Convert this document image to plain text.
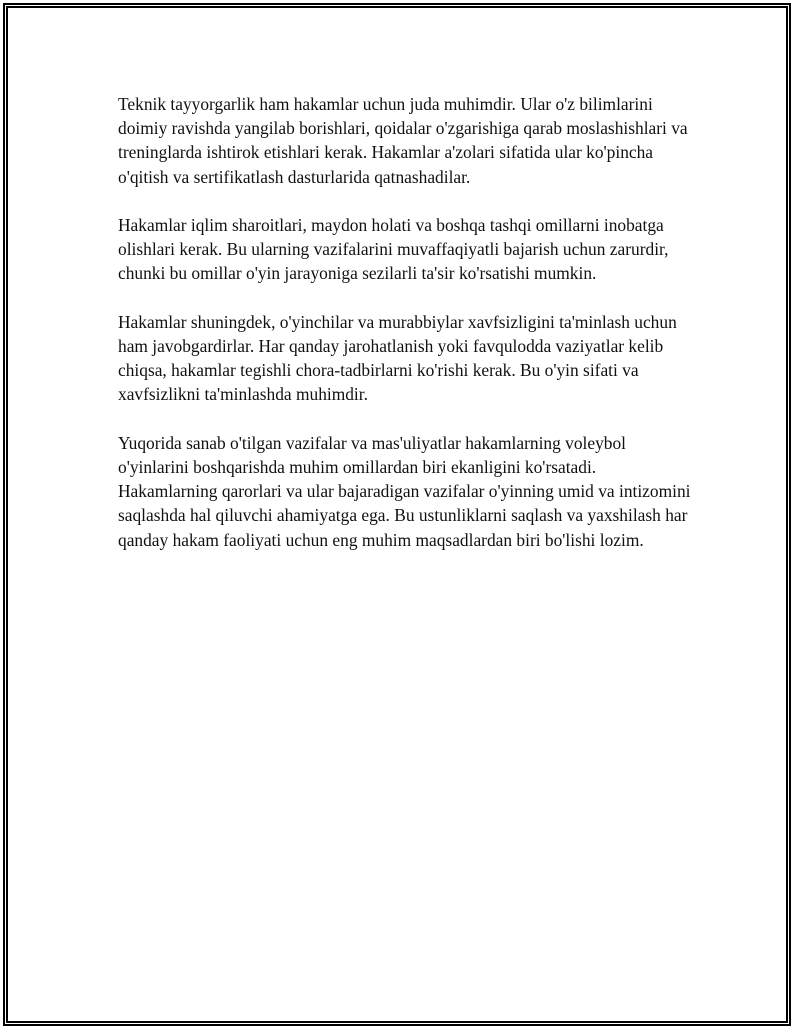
Teknik tayyorgarlik ham hakamlar uchun juda muhimdir. Ular o'z bilimlarini doimiy ravishda yangilab borishlari, qoidalar o'zgarishiga qarab moslashishlari va treninglarda ishtirok etishlari kerak. Hakamlar a'zolari sifatida ular ko'pincha o'qitish va sertifikatlash dasturlarida qatnashadilar.

Hakamlar iqlim sharoitlari, maydon holati va boshqa tashqi omillarni inobatga olishlari kerak. Bu ularning vazifalarini muvaffaqiyatli bajarish uchun zarurdir, chunki bu omillar o'yin jarayoniga sezilarli ta'sir ko'rsatishi mumkin.

Hakamlar shuningdek, o'yinchilar va murabbiylar xavfsizligini ta'minlash uchun ham javobgardirlar. Har qanday jarohatlanish yoki favqulodda vaziyatlar kelib chiqsa, hakamlar tegishli chora-tadbirlarni ko'rishi kerak. Bu o'yin sifati va xavfsizlikni ta'minlashda muhimdir.

Yuqorida sanab o'tilgan vazifalar va mas'uliyatlar hakamlarning voleybol o'yinlarini boshqarishda muhim omillardan biri ekanligini ko'rsatadi. Hakamlarning qarorlari va ular bajaradigan vazifalar o'yinning umid va intizomini saqlashda hal qiluvchi ahamiyatga ega. Bu ustunliklarni saqlash va yaxshilash har qanday hakam faoliyati uchun eng muhim maqsadlardan biri bo'lishi lozim.
